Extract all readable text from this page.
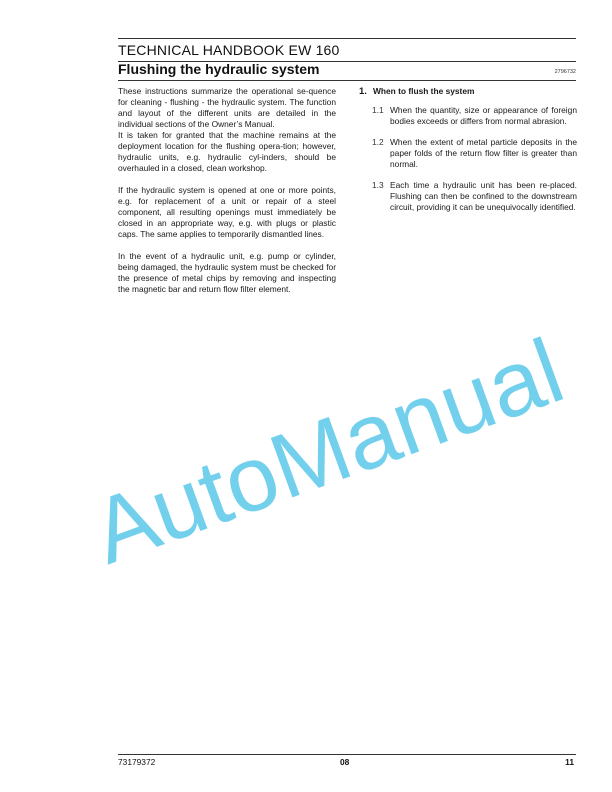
TECHNICAL HANDBOOK EW 160
Flushing the hydraulic system	2796732

These instructions summarize the operational se-quence for cleaning - flushing - the hydraulic system. The function and layout of the different units are detailed in the individual sections of the Owner’s Manual.

It is taken for granted that the machine remains at the deployment location for the flushing opera-tion; however, hydraulic units, e.g. hydraulic cyl-inders, should be overhauled in a closed, clean workshop.

If the hydraulic system is opened at one or more points, e.g. for replacement of a unit or repair of a steel component, all resulting openings must immediately be closed in an appropriate way, e.g. with plugs or plastic caps. The same applies to temporarily dismantled lines.

In the event of a hydraulic unit, e.g. pump or cylinder, being damaged, the hydraulic system must be checked for the presence of metal chips by removing and inspecting the magnetic bar and return flow filter element.

1. When to flush the system
1.1 When the quantity, size or appearance of foreign bodies exceeds or differs from normal abrasion.
1.2 When the extent of metal particle deposits in the paper folds of the return flow filter is greater than normal.
1.3 Each time a hydraulic unit has been re-placed. Flushing can then be confined to the downstream circuit, providing it can be unequivocally identified.
AutoManual
73179372	08	11
